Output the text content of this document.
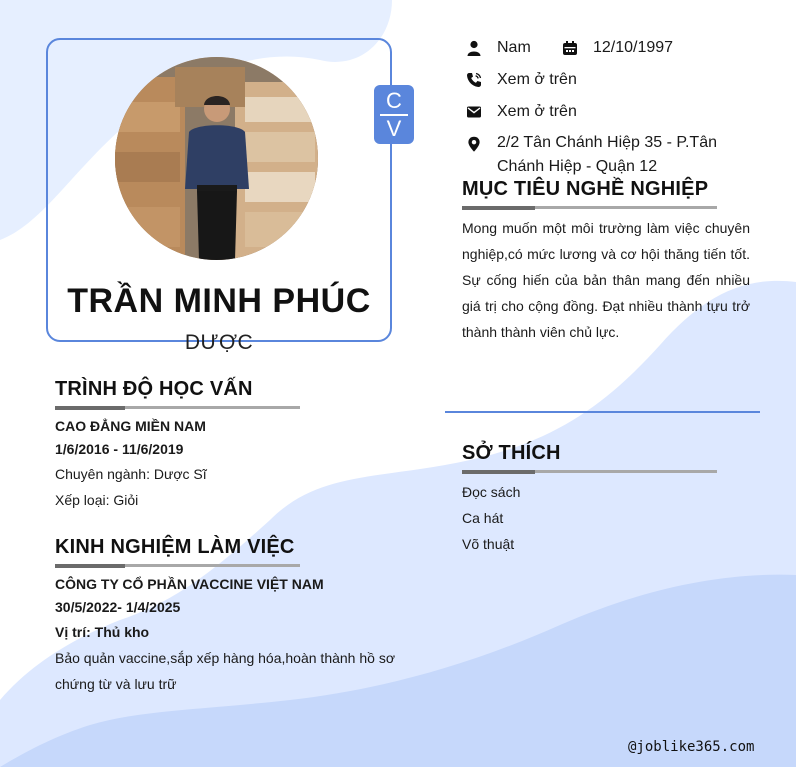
C
V
TRẦN MINH PHÚC
DƯỢC
Nam	12/10/1997
Xem ở trên
Xem ở trên
2/2 Tân Chánh Hiệp 35 - P.Tân Chánh Hiệp - Quận 12
MỤC TIÊU NGHỀ NGHIỆP
Mong muốn một môi trường làm việc chuyên nghiệp,có mức lương và cơ hội thăng tiến tốt. Sự cống hiến của bản thân mang đến nhiều giá trị cho cộng đồng. Đạt nhiều thành tựu trở thành thành viên chủ lực.
SỞ THÍCH
Đọc sách
Ca hát
Võ thuật
TRÌNH ĐỘ HỌC VẤN
CAO ĐẲNG MIỀN NAM
1/6/2016 - 11/6/2019
Chuyên ngành: Dược Sĩ
Xếp loại: Giỏi
KINH NGHIỆM LÀM VIỆC
CÔNG TY CỔ PHẦN VACCINE VIỆT NAM
30/5/2022- 1/4/2025
Vị trí: Thủ kho
Bảo quản vaccine,sắp xếp hàng hóa,hoàn thành hồ sơ chứng từ và lưu trữ
@joblike365.com
